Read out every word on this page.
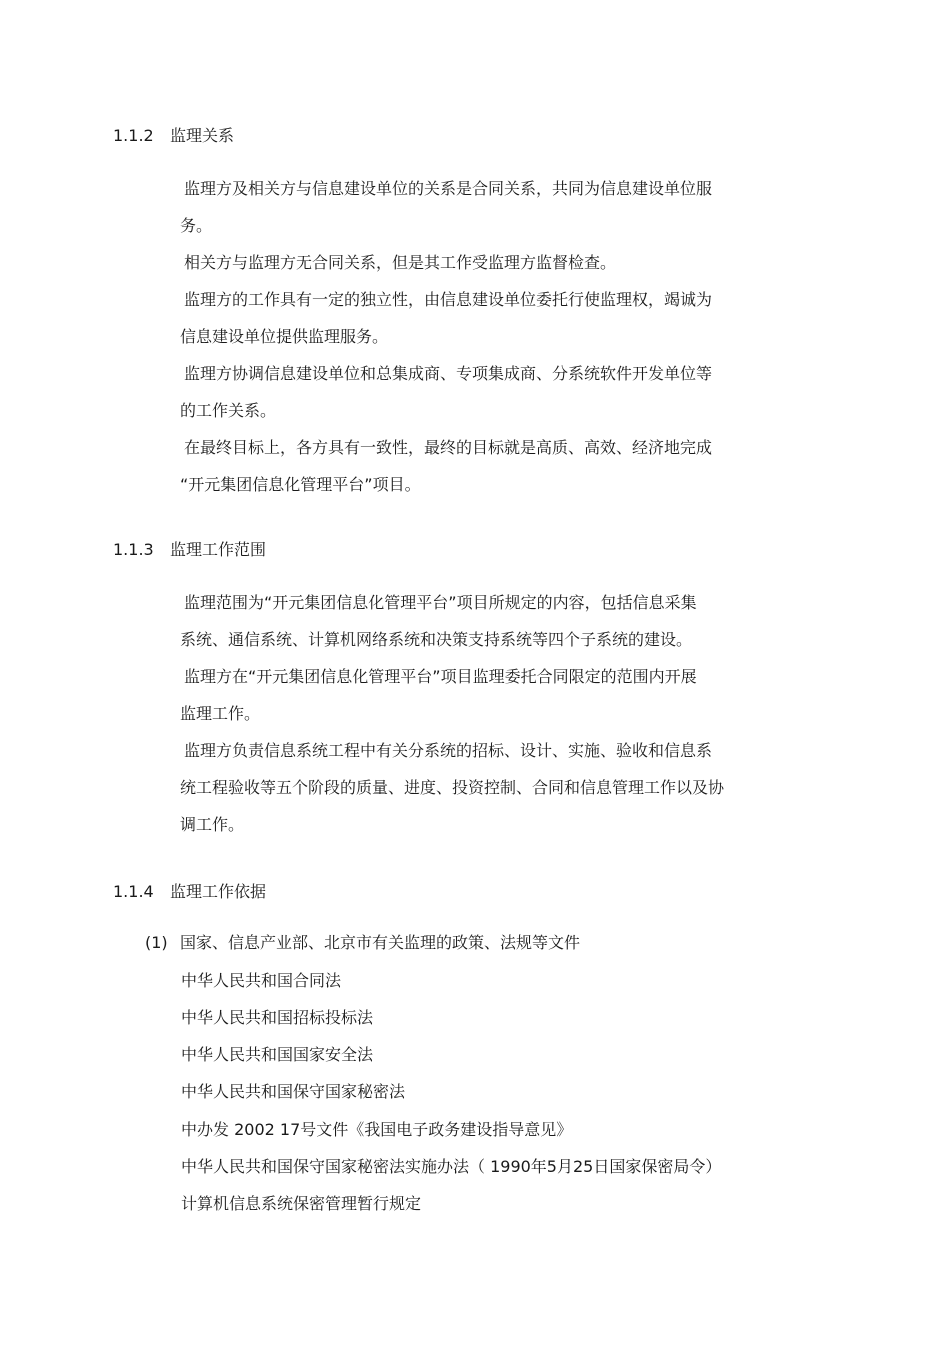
1.1.2 监理关系
监理方及相关方与信息建设单位的关系是合同关系，共同为信息建设单位服
务。
相关方与监理方无合同关系，但是其工作受监理方监督检查。
监理方的工作具有一定的独立性，由信息建设单位委托行使监理权，竭诚为
信息建设单位提供监理服务。
监理方协调信息建设单位和总集成商、专项集成商、分系统软件开发单位等
的工作关系。
在最终目标上，各方具有一致性，最终的目标就是高质、高效、经济地完成
“开元集团信息化管理平台”项目。
1.1.3 监理工作范围
监理范围为“开元集团信息化管理平台”项目所规定的内容，包括信息采集
系统、通信系统、计算机网络系统和决策支持系统等四个子系统的建设。
监理方在“开元集团信息化管理平台”项目监理委托合同限定的范围内开展
监理工作。
监理方负责信息系统工程中有关分系统的招标、设计、实施、验收和信息系
统工程验收等五个阶段的质量、进度、投资控制、合同和信息管理工作以及协
调工作。
1.1.4 监理工作依据
(1) 国家、信息产业部、北京市有关监理的政策、法规等文件
中华人民共和国合同法
中华人民共和国招标投标法
中华人民共和国国家安全法
中华人民共和国保守国家秘密法
中办发 2002 17号文件《我国电子政务建设指导意见》
中华人民共和国保守国家秘密法实施办法（ 1990年5月25日国家保密局令）
计算机信息系统保密管理暂行规定
